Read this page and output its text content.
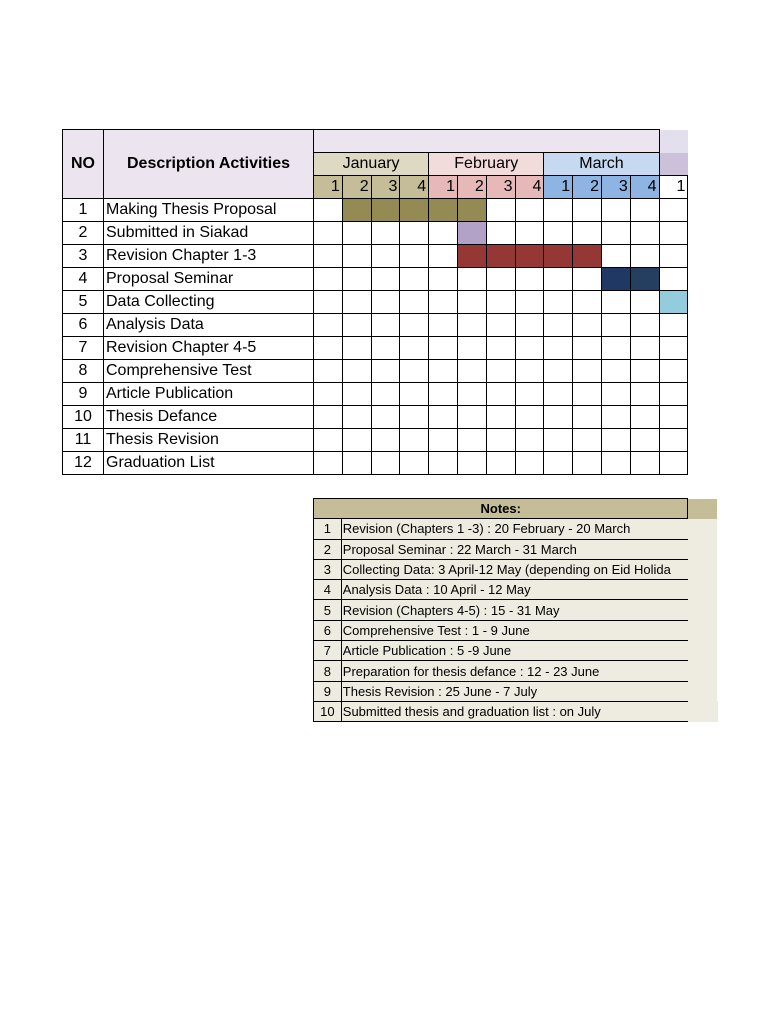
NO	Description Activities													
		January				February				March				
		1	2	3	4	1	2	3	4	1	2	3	4	1
1	Making Thesis Proposal													
2	Submitted in Siakad													
3	Revision Chapter 1-3													
4	Proposal Seminar													
5	Data Collecting													
6	Analysis Data													
7	Revision Chapter 4-5													
8	Comprehensive Test													
9	Article Publication													
10	Thesis Defance													
11	Thesis Revision													
12	Graduation List													
Notes:		
1	Revision (Chapters 1 -3) : 20 February - 20 March	
2	Proposal Seminar : 22 March - 31 March	
3	Collecting Data: 3 April-12 May (depending on Eid Holida	
4	Analysis Data : 10 April - 12 May	
5	Revision (Chapters 4-5) : 15 - 31 May	
6	Comprehensive Test : 1 - 9 June	
7	Article Publication : 5 -9 June	
8	Preparation for thesis defance : 12 - 23 June	
9	Thesis Revision : 25 June - 7 July	
10	Submitted thesis and graduation list : on July	
